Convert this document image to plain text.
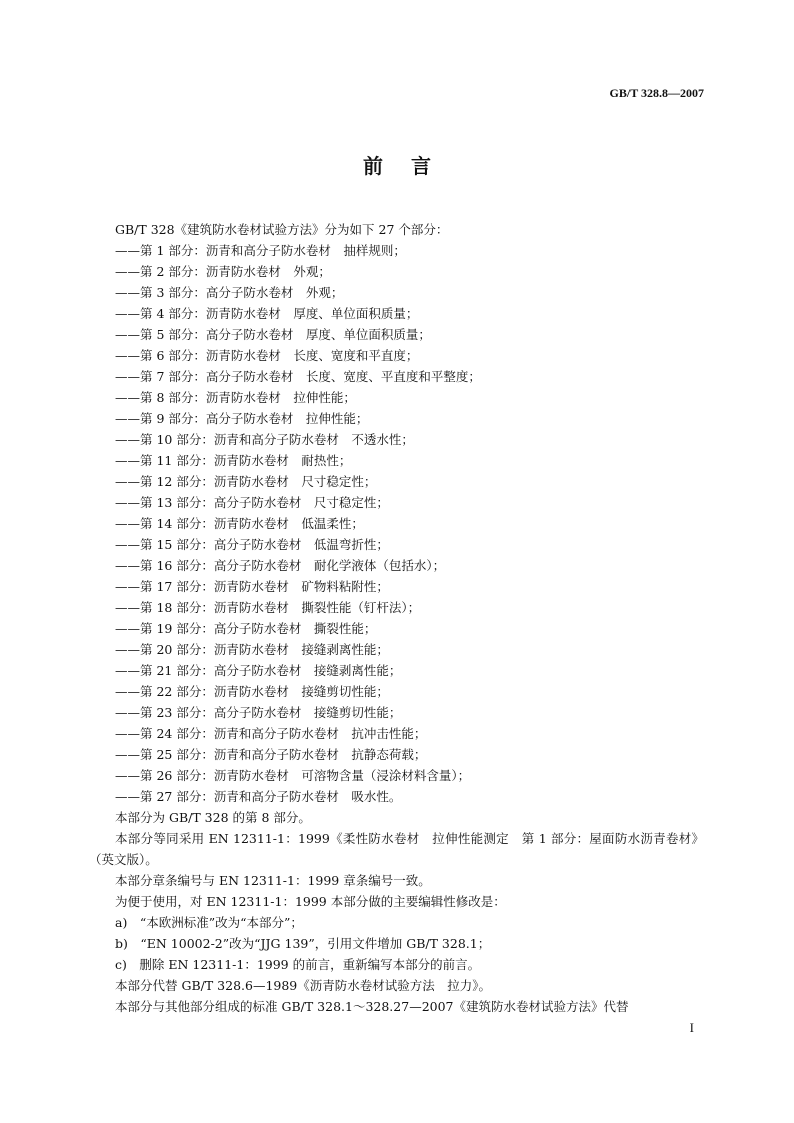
GB/T 328.8—2007
前言
GB/T 328《建筑防水卷材试验方法》分为如下 27 个部分：
——第 1 部分：沥青和高分子防水卷材　抽样规则；
——第 2 部分：沥青防水卷材　外观；
——第 3 部分：高分子防水卷材　外观；
——第 4 部分：沥青防水卷材　厚度、单位面积质量；
——第 5 部分：高分子防水卷材　厚度、单位面积质量；
——第 6 部分：沥青防水卷材　长度、宽度和平直度；
——第 7 部分：高分子防水卷材　长度、宽度、平直度和平整度；
——第 8 部分：沥青防水卷材　拉伸性能；
——第 9 部分：高分子防水卷材　拉伸性能；
——第 10 部分：沥青和高分子防水卷材　不透水性；
——第 11 部分：沥青防水卷材　耐热性；
——第 12 部分：沥青防水卷材　尺寸稳定性；
——第 13 部分：高分子防水卷材　尺寸稳定性；
——第 14 部分：沥青防水卷材　低温柔性；
——第 15 部分：高分子防水卷材　低温弯折性；
——第 16 部分：高分子防水卷材　耐化学液体（包括水）；
——第 17 部分：沥青防水卷材　矿物料粘附性；
——第 18 部分：沥青防水卷材　撕裂性能（钉杆法）；
——第 19 部分：高分子防水卷材　撕裂性能；
——第 20 部分：沥青防水卷材　接缝剥离性能；
——第 21 部分：高分子防水卷材　接缝剥离性能；
——第 22 部分：沥青防水卷材　接缝剪切性能；
——第 23 部分：高分子防水卷材　接缝剪切性能；
——第 24 部分：沥青和高分子防水卷材　抗冲击性能；
——第 25 部分：沥青和高分子防水卷材　抗静态荷载；
——第 26 部分：沥青防水卷材　可溶物含量（浸涂材料含量）；
——第 27 部分：沥青和高分子防水卷材　吸水性。
本部分为 GB/T 328 的第 8 部分。
本部分等同采用 EN 12311-1：1999《柔性防水卷材　拉伸性能测定　第 1 部分：屋面防水沥青卷材》（英文版）。
本部分章条编号与 EN 12311-1：1999 章条编号一致。
为便于使用，对 EN 12311-1：1999 本部分做的主要编辑性修改是：
a)　“本欧洲标准”改为“本部分”；
b)　“EN 10002-2”改为“JJG 139”，引用文件增加 GB/T 328.1；
c)　删除 EN 12311-1：1999 的前言，重新编写本部分的前言。
本部分代替 GB/T 328.6—1989《沥青防水卷材试验方法　拉力》。
本部分与其他部分组成的标准 GB/T 328.1～328.27—2007《建筑防水卷材试验方法》代替
I
